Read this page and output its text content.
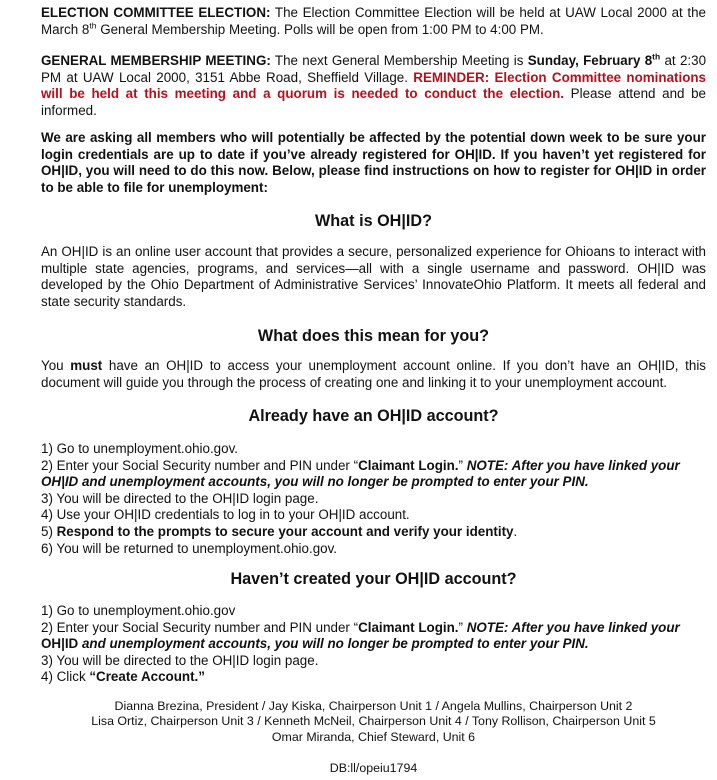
ELECTION COMMITTEE ELECTION: The Election Committee Election will be held at UAW Local 2000 at the March 8th General Membership Meeting. Polls will be open from 1:00 PM to 4:00 PM.

GENERAL MEMBERSHIP MEETING: The next General Membership Meeting is Sunday, February 8th at 2:30 PM at UAW Local 2000, 3151 Abbe Road, Sheffield Village. REMINDER: Election Committee nominations will be held at this meeting and a quorum is needed to conduct the election. Please attend and be informed.

We are asking all members who will potentially be affected by the potential down week to be sure your login credentials are up to date if you’ve already registered for OH|ID. If you haven’t yet registered for OH|ID, you will need to do this now. Below, please find instructions on how to register for OH|ID in order to be able to file for unemployment:

What is OH|ID?

An OH|ID is an online user account that provides a secure, personalized experience for Ohioans to interact with multiple state agencies, programs, and services—all with a single username and password. OH|ID was developed by the Ohio Department of Administrative Services’ InnovateOhio Platform. It meets all federal and state security standards.

What does this mean for you?

You must have an OH|ID to access your unemployment account online. If you don’t have an OH|ID, this document will guide you through the process of creating one and linking it to your unemployment account.

Already have an OH|ID account?
1) Go to unemployment.ohio.gov.
2) Enter your Social Security number and PIN under “Claimant Login.” NOTE: After you have linked your OH|ID and unemployment accounts, you will no longer be prompted to enter your PIN.
3) You will be directed to the OH|ID login page.
4) Use your OH|ID credentials to log in to your OH|ID account.
5) Respond to the prompts to secure your account and verify your identity.
6) You will be returned to unemployment.ohio.gov.
Haven’t created your OH|ID account?
1) Go to unemployment.ohio.gov
2) Enter your Social Security number and PIN under “Claimant Login.” NOTE: After you have linked your OH|ID and unemployment accounts, you will no longer be prompted to enter your PIN.
3) You will be directed to the OH|ID login page.
4) Click “Create Account.”
Dianna Brezina, President / Jay Kiska, Chairperson Unit 1 / Angela Mullins, Chairperson Unit 2
Lisa Ortiz, Chairperson Unit 3 / Kenneth McNeil, Chairperson Unit 4 / Tony Rollison, Chairperson Unit 5
Omar Miranda, Chief Steward, Unit 6
DB:ll/opeiu1794
